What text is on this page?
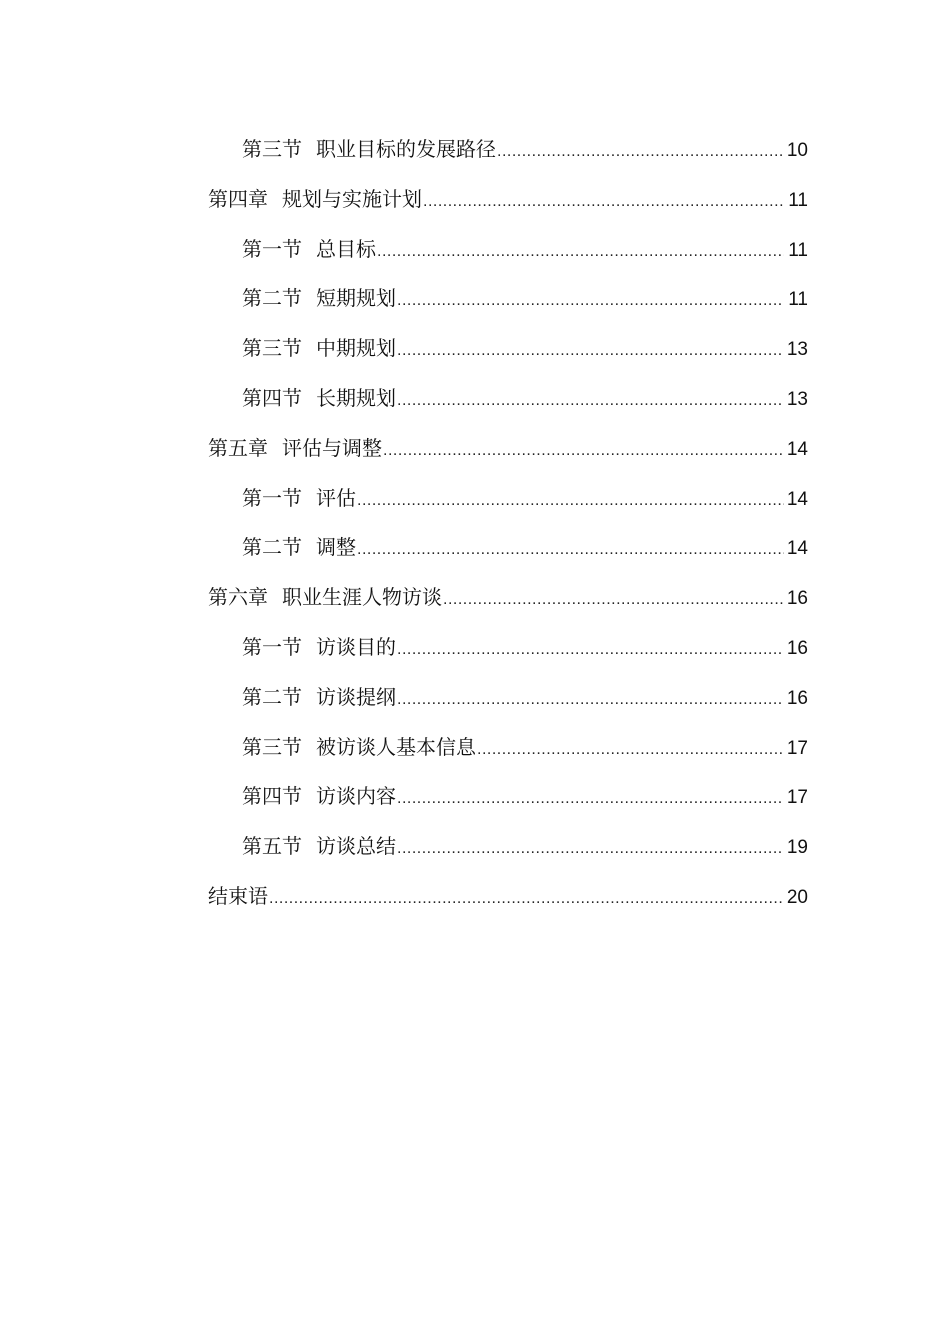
第三节 职业目标的发展路径 .....	10
第四章 规划与实施计划 .....	11
第一节 总目标 .....	11
第二节 短期规划 .....	11
第三节 中期规划 .....	13
第四节 长期规划 .....	13
第五章 评估与调整 .....	14
第一节 评估 .....	14
第二节 调整 .....	14
第六章 职业生涯人物访谈 .....	16
第一节 访谈目的 .....	16
第二节 访谈提纲 .....	16
第三节 被访谈人基本信息 .....	17
第四节 访谈内容 .....	17
第五节 访谈总结 .....	19
结束语 .....	20
